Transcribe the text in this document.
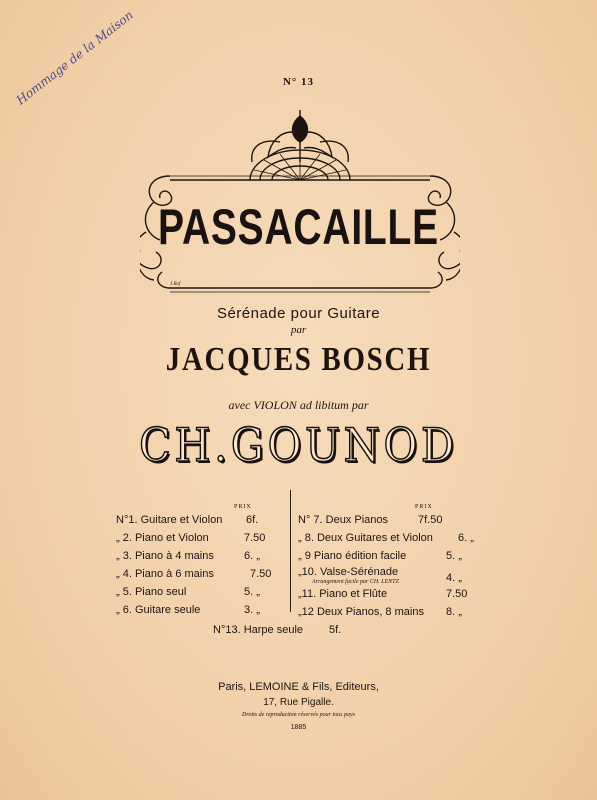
Hommage de la Maison	N° 13
PASSACAILLE
J.Rof
Sérénade pour Guitare
par
JACQUES BOSCH
avec VIOLON ad libitum par
CH.GOUNOD
PRIX	PRIX
N°1. Guitare et Violon 6f.
„ 2. Piano et Violon	7.50
„ 3. Piano à 4 mains	6. „
„ 4. Piano à 6 mains	7.50
„ 5. Piano seul	5. „
„ 6. Guitare seule	3. „
N° 7. Deux Pianos	7f.50
„ 8. Deux Guitares et Violon 6. „
„ 9 Piano édition facile	5. „
„10. Valse-Sérénade	4. „
Arrangement facile par CH. LENTZ
„11. Piano et Flûte	7.50
„12 Deux Pianos, 8 mains 8. „
N°13. Harpe seule 5f.
Paris, LEMOINE & Fils, Editeurs,
17, Rue Pigalle.
Droits de reproduction réservés pour tous pays
1885
